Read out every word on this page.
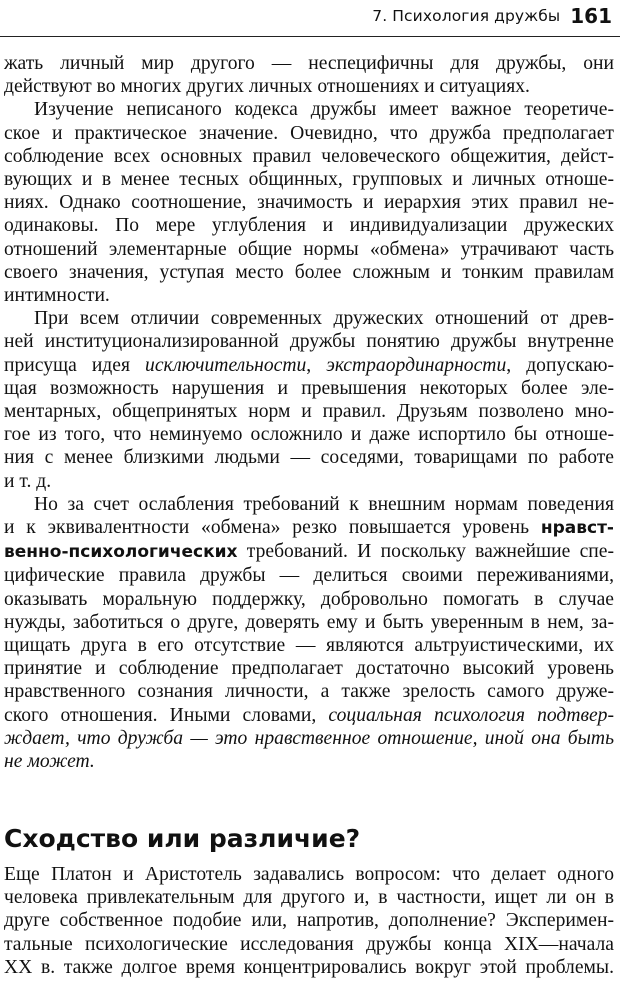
7. Психология дружбы 161
жать личный мир другого — неспецифичны для дружбы, они
действуют во многих других личных отношениях и ситуациях.
Изучение неписаного кодекса дружбы имеет важное теоретиче-
ское и практическое значение. Очевидно, что дружба предполагает
соблюдение всех основных правил человеческого общежития, дейст-
вующих и в менее тесных общинных, групповых и личных отноше-
ниях. Однако соотношение, значимость и иерархия этих правил не-
одинаковы. По мере углубления и индивидуализации дружеских
отношений элементарные общие нормы «обмена» утрачивают часть
своего значения, уступая место более сложным и тонким правилам
интимности.
При всем отличии современных дружеских отношений от древ-
ней институционализированной дружбы понятию дружбы внутренне
присуща идея исключительности, экстраординарности, допускаю-
щая возможность нарушения и превышения некоторых более эле-
ментарных, общепринятых норм и правил. Друзьям позволено мно-
гое из того, что неминуемо осложнило и даже испортило бы отноше-
ния с менее близкими людьми — соседями, товарищами по работе
и т. д.
Но за счет ослабления требований к внешним нормам поведения
и к эквивалентности «обмена» резко повышается уровень нравст-
венно-психологических требований. И поскольку важнейшие спе-
цифические правила дружбы — делиться своими переживаниями,
оказывать моральную поддержку, добровольно помогать в случае
нужды, заботиться о друге, доверять ему и быть уверенным в нем, за-
щищать друга в его отсутствие — являются альтруистическими, их
принятие и соблюдение предполагает достаточно высокий уровень
нравственного сознания личности, а также зрелость самого друже-
ского отношения. Иными словами, социальная психология подтвер-
ждает, что дружба — это нравственное отношение, иной она быть
не может.
Сходство или различие?
Еще Платон и Аристотель задавались вопросом: что делает одного
человека привлекательным для другого и, в частности, ищет ли он в
друге собственное подобие или, напротив, дополнение? Эксперимен-
тальные психологические исследования дружбы конца XIX—начала
XX в. также долгое время концентрировались вокруг этой проблемы.
